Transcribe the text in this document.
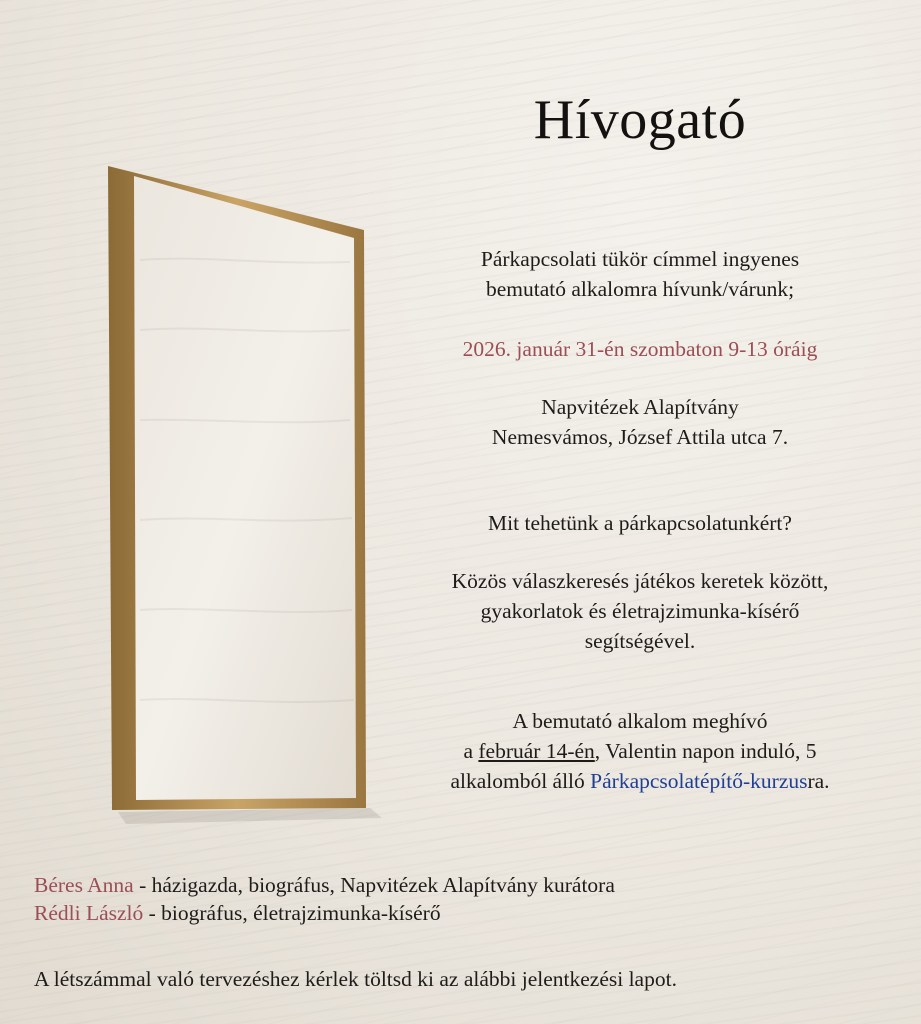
Hívogató

Párkapcsolati tükör címmel ingyenes

bemutató alkalomra hívunk/várunk;

2026. január 31-én szombaton 9-13 óráig

Napvitézek Alapítvány

Nemesvámos, József Attila utca 7.

Mit tehetünk a párkapcsolatunkért?

Közös válaszkeresés játékos keretek között,

gyakorlatok és életrajzimunka-kísérő

segítségével.

A bemutató alkalom meghívó

a február 14-én, Valentin napon induló, 5

alkalomból álló Párkapcsolatépítő-kurzusra.

Béres Anna - házigazda, biográfus, Napvitézek Alapítvány kurátora

Rédli László - biográfus, életrajzimunka-kísérő

A létszámmal való tervezéshez kérlek töltsd ki az alábbi jelentkezési lapot.
